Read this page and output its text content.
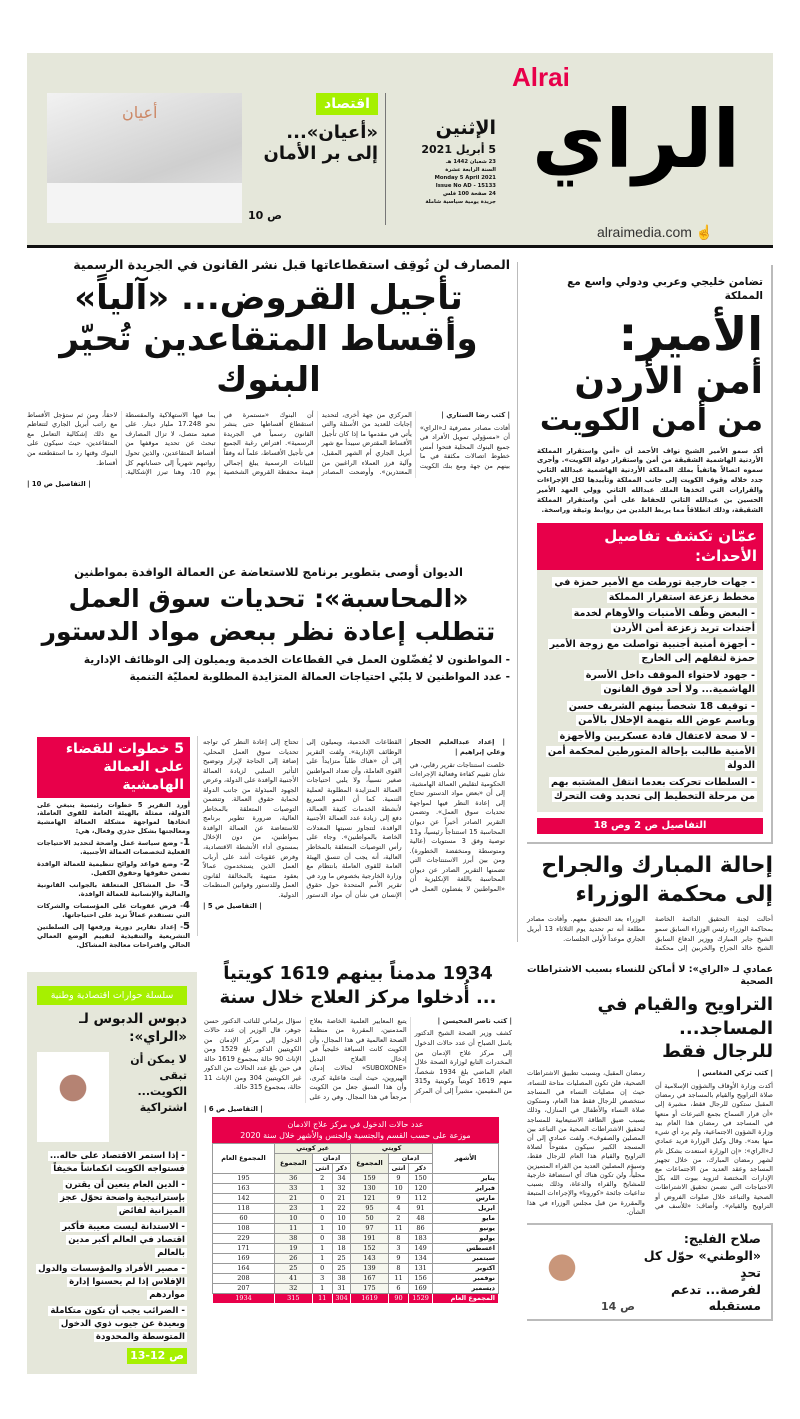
Alrai
الراي
alraimedia.com ☝
الإثنين
5 أبريل 2021
23 شعبان 1442 هـ
السنة الرابعة عشرة
Monday 5 April 2021
Issue No AD - 15133
24 صفحة 100 فلس
جريدة يومية سياسية شاملة
اقتصاد
«أعيان»...
إلى بر الأمان
ص 10
أعيان
المصارف لن تُوقِف استقطاعاتها قبل نشر القانون في الجريدة الرسمية
تأجيل القروض... «آلياً»
وأقساط المتقاعدين تُحيّر البنوك
| كتب رضا السناري |
أفادت مصادر مصرفية لـ«الراي» أن «مسؤولي تمويل الأفراد في جميع البنوك المحلية فتحوا أمس خطوط اتصالات مكثفة في ما بينهم من جهة ومع بنك الكويت المركزي من جهة أخرى، لتحديد إجابات للعديد من الأسئلة والتي يأتي في مقدمها ما إذا كان تأجيل الأقساط المقترض سيبدأ مع شهر أبريل الجاري أم الشهر المقبل، وآلية فرز العملاء الراغبين من المعتذرين». وأوضحت المصادر أن البنوك «مستمرة في استقطاع أقساطها حتى ينشر القانون رسمياً في الجريدة الرسمية». افتراض رغبة الجميع في تأجيل الأقساط، علماً أنه وفقاً للبيانات الرسمية يبلغ إجمالي قيمة محفظة القروض الشخصية بما فيها الاستهلاكية والمقسطة نحو 17.248 مليار دينار. على صعيد متصل، لا تزال المصارف تبحث عن تحديد موقفها من أقساط المتقاعدين، والذين تحول رواتبهم شهرياً إلى حساباتهم كل يوم 10، وهنا تبرز الإشكالية. لاحقاً، ومن ثم ستؤجل الأقساط مع راتب أبريل الجاري لتتعاظم مع ذلك إشكالية التعامل مع المتقاعدين، حيث سيكون على البنوك وقتها رد ما استقطعته من أقساط.
| التفاصيل ص 10 |
تضامن خليجي وعربي ودولي واسع مع المملكة
الأمير:
أمن الأردن
من أمن الكويت
أكد سمو الأمير الشيخ نواف الأحمد أن «أمن واستقرار المملكة الأردنية الهاشمية الشقيقة من أمن واستقرار دولة الكويت». وأجرى سموه اتصالاً هاتفياً بملك المملكة الأردنية الهاشمية عبدالله الثاني جدد خلاله وقوف الكويت إلى جانب المملكة وتأييدها لكل الإجراءات والقرارات التي اتخذها الملك عبدالله الثاني وولي العهد الأمير الحسين بن عبدالله الثاني للحفاظ على أمن واستقرار المملكة الشقيقة، وذلك انطلاقاً مما يربط البلدين من روابط وثيقة وراسخة.
عمّان تكشف تفاصيل الأحداث:
- جهات خارجية تورطت مع الأمير حمزة في مخطط زعزعة استقرار المملكة
- البعض وظّف الأمنيات والأوهام لخدمة أجندات تريد زعزعة أمن الأردن
- أجهزة أمنية أجنبية تواصلت مع زوجة الأمير حمزة لنقلهم إلى الخارج
- جهود لاحتواء الموقف داخل الأسرة الهاشمية... ولا أحد فوق القانون
- توقيف 18 شخصاً بينهم الشريف حسن وباسم عوض الله بتهمة الإخلال بالأمن
- لا صحة لاعتقال قادة عسكريين والأجهزة الأمنية طالبت بإحالة المتورطين لمحكمة أمن الدولة
- السلطات تحركت بعدما انتقل المشتبه بهم من مرحلة التخطيط إلى تحديد وقت التحرك
التفاصيل ص 2 وص 18
إحالة المبارك والجراح
إلى محكمة الوزراء
أحالت لجنة التحقيق الدائمة الخاصة بمحاكمة الوزراء رئيس الوزراء السابق سمو الشيخ جابر المبارك ووزير الدفاع السابق الشيخ خالد الجراح والخربين إلى محكمة الوزراء بعد التحقيق معهم. وأفادت مصادر مطلعة أنه تم تحديد يوم الثلاثاء 13 أبريل الجاري موعداً لأولى الجلسات.
عمادي لـ «الراي»: لا أماكن للنساء بسبب الاشتراطات الصحية
التراويح والقيام في المساجد...
للرجال فقط
| كتب تركي المغامس |
أكدت وزارة الأوقاف والشؤون الإسلامية أن صلاة التراويح والقيام بالمساجد في رمضان المقبل ستكون للرجال فقط، مشيرة إلى «أن قرار السماح بجمع التبرعات أو منعها في المساجد في رمضان هذا العام بيد وزارة الشؤون الاجتماعية، ولم يرد أي شيء منها بعد». وقال وكيل الوزارة فريد عمادي لـ«الراي»: «إن الوزارة استعدت بشكل تام لشهر رمضان المبارك، من خلال تجهيز المساجد وعقد العديد من الاجتماعات مع الإدارات المختصة لتزويد بيوت الله بكل الاحتياجات التي تضمن تحقيق الاشتراطات الصحية والتباعد خلال صلوات الفروض أو التراويح والقيام». وأضاف: «للأسف في رمضان المقبل، وبسبب تطبيق الاشتراطات الصحية، فلن تكون المصليات متاحة للنساء، حيث إن مصليات النساء في المساجد ستخصص للرجال فقط هذا العام، وستكون صلاة النساء والأطفال في المنازل، وذلك بسبب ضيق الطاقة الاستيعابية للمساجد لتحقيق الاشتراطات الصحية من التباعد بين المصلين والصفوف». ولفت عمادي إلى أن المسجد الكبير سيكون مفتوحاً لصلاة التراويح والقيام هذا العام للرجال فقط، وسيؤم المصلين العديد من القراء المتميزين محلياً، ولن تكون هناك أي استضافة خارجية للمشايخ والقراء والدعاة، وذلك بسبب تداعيات جائحة «كورونا» والإجراءات المتبعة والمقررة من قبل مجلس الوزراء في هذا الشأن.
صلاح الفليج:
«الوطني» حوّل كل تحدٍ
لفرصة... تدعم مستقبله
ص 14
الديوان أوصى بتطوير برنامج للاستعاضة عن العمالة الوافدة بمواطنين
«المحاسبة»: تحديات سوق العمل
تتطلب إعادة نظر ببعض مواد الدستور
- المواطنون لا يُفضّلون العمل في القطاعات الخدمية ويميلون إلى الوظائف الإدارية
- عدد المواطنين لا يلبّي احتياجات العمالة المتزايدة المطلوبة لعمليّة التنمية
| إعداد عبدالعليم الحجار وعلي إبراهيم |
خلصت استنتاجات تقرير رقابي، في شأن تقييم كفاءة وفعالية الإجراءات الحكومية لتقليص العمالة الهامشية، إلى أن «بعض مواد الدستور تحتاج إلى إعادة النظر فيها لمواجهة تحديات سوق العمل». وتضمن التقرير الصادر أخيراً عن ديوان المحاسبة 15 استنتاجاً رئيسياً، و11 توصية وفق 3 مستويات (عالية ومتوسطة ومنخفضة الخطورة). ومن بين أبرز الاستنتاجات التي تضمنها التقرير الصادر عن ديوان المحاسبة باللغة الإنكليزية أن «المواطنين لا يفضلون العمل في القطاعات الخدمية، ويميلون إلى الوظائف الإدارية». ولفت التقرير إلى أن «هناك طلباً متزايداً على القوى العاملة، وأن تعداد المواطنين صغير نسبياً، ولا يلبي احتياجات العمالة المتزايدة المطلوبة لعملية التنمية. كما أن النمو السريع لأنشطة الخدمات كثيفة العمالة، دفع إلى زيادة عدد العمالة الأجنبية الوافدة، لتتجاوز نسبتها المعدلات الخاصة بالمواطنين». وجاء على رأس التوصيات المتعلقة بالمخاطر العالية، أنه يجب أن تنسق الهيئة العامة للقوى العاملة بانتظام مع وزارة الخارجية بخصوص ما ورد في تقرير الأمم المتحدة حول حقوق الإنسان في شأن أن مواد الدستور تحتاج إلى إعادة النظر كي تواجه تحديات سوق العمل المحلي، إضافة إلى الحاجة لإبراز وتوضيح التأثير السلبي لزيادة العمالة الأجنبية الوافدة على الدولة، وعرض الجهود المبذولة من جانب الدولة لحماية حقوق العمالة. وتتضمن التوصيات المتعلقة بالمخاطر العالية، ضرورة تطوير برنامج للاستعاضة عن العمالة الوافدة بمواطنين، من دون الإخلال بمستوى أداء الأنشطة الاقتصادية، وفرض عقوبات أشد على أرباب العمل الذين يستخدمون عمالاً بعقود منتهية بالمخالفة لقانون العمل وللدستور وقوانين المنظمات الدولية.
| التفاصيل ص 5 |
5 خطوات للقضاء
على العمالة الهامشية
أورد التقرير 5 خطوات رئيسية ينبغي على الدولة، ممثلة بالهيئة العامة للقوى العاملة، اتخاذها لمواجهة مشكلة العمالة الهامشية ومعالجتها بشكل جذري وفعال، هي:
1- وضع سياسة عمل واضحة لتحديد الاحتياجات الفعلية لتخصصات العمالة الأجنبية.
2- وضع قواعد ولوائح تنظيمية للعمالة الوافدة تضمن حقوقها وحقوق الكفيل.
3- حل المشاكل المتعلقة بالجوانب القانونية والمالية والإنسانية للعمالة الوافدة.
4- فرض عقوبات على المؤسسات والشركات التي تستقدم عمالاً تزيد على احتياجاتها.
5- إعداد تقارير دورية ورفعها إلى السلطتين التشريعية والتنفيذية لتقييم الوضع العمالي الحالي واقتراحات معالجة المشاكل.
سلسلة حوارات اقتصادية وطنية
دبوس الدبوس لـ «الراي»:
لا يمكن أن تبقى الكويت... اشتراكية
- إذا استمر الاقتصاد على حاله... فستواجه الكويت انكماشاً مخيفاً
- الدين العام يتعين أن يقترن بإستراتيجية واضحة تحوّل عجز الميزانية لفائض
- الاستدانة ليست معيبة فأكبر اقتصاد في العالم أكبر مدين بالعالم
- مصير الأفراد والمؤسسات والدول الإفلاس إذا لم يحسنوا إدارة مواردهم
- الضرائب يجب أن تكون متكاملة وبعيدة عن جيوب ذوي الدخول المتوسطة والمحدودة
ص 12-13
1934 مدمناً بينهم 1619 كويتياً
... أُدخلوا مركز العلاج خلال سنة
| كتب ناصر المحيسن |
كشف وزير الصحة الشيخ الدكتور باسل الصباح أن عدد حالات الدخول إلى مركز علاج الإدمان من المخدرات التابع لوزارة الصحة خلال العام الماضي بلغ 1934 شخصاً، منهم 1619 كويتياً وكويتية و315 من المقيمين، مشيراً إلى أن المركز يتبع المعايير العلمية الخاصة بعلاج المدمنين، المقررة من منظمة الصحة العالمية في هذا المجال، وأن الكويت كانت السباقة خليجياً في إدخال العلاج البديل «SUBOXONE» لحالات إدمان الهيروين، حيث أثبت فاعلية كبرى، وأن هذا السبق جعل من الكويت مرجعاً في هذا المجال. وفي رد على سؤال برلماني للنائب الدكتور حسن جوهر، قال الوزير إن عدد حالات الدخول إلى مركز الإدمان من الكويتيين الذكور بلغ 1529 ومن الإناث 90 حالة بمجموع 1619 حالة في حين بلغ عدد الحالات من الذكور غير الكويتيين 304 ومن الإناث 11 حالة، بمجموع 315 حالة.
| التفاصيل ص 6 |
عدد حالات الدخول في مركز علاج الادمان
موزعة على حسب القسم والجنسية والجنس والأشهر خلال سنة 2020
الأشهر	كويتي			غير كويتي			المجموع العام
	ادمان		المجموع	ادمان		المجموع	
	ذكر	انثى		ذكر	انثى		
يناير	150	9	159	34	2	36	195
فبراير	120	10	130	32	1	33	163
مارس	112	9	121	21	0	21	142
ابريل	91	4	95	22	1	23	118
مايو	48	2	50	10	0	10	60
يونيو	86	11	97	10	1	11	108
يوليو	183	8	191	38	0	38	229
اغسطس	149	3	152	18	1	19	171
سبتمبر	134	9	143	25	1	26	169
اكتوبر	131	8	139	25	0	25	164
نوفمبر	156	11	167	38	3	41	208
ديسمبر	169	6	175	31	1	32	207
المجموع العام	1529	90	1619	304	11	315	1934
